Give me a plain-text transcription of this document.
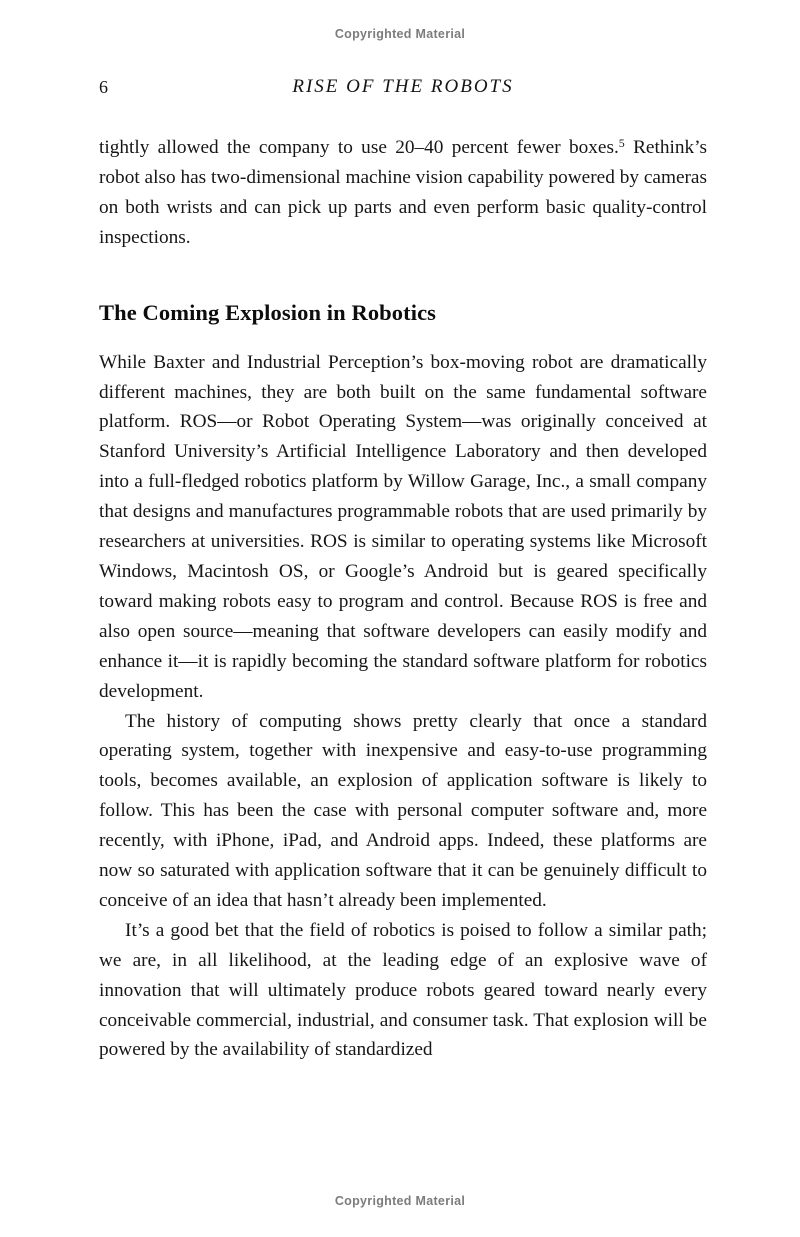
Copyrighted Material
6	RISE OF THE ROBOTS

tightly allowed the company to use 20–40 percent fewer boxes.$^5$ Rethink’s robot also has two-dimensional machine vision capability powered by cameras on both wrists and can pick up parts and even perform basic quality-control inspections.

The Coming Explosion in Robotics

While Baxter and Industrial Perception’s box-moving robot are dramatically different machines, they are both built on the same fundamental software platform. ROS—or Robot Operating System—was originally conceived at Stanford University’s Artificial Intelligence Laboratory and then developed into a full-fledged robotics platform by Willow Garage, Inc., a small company that designs and manufactures programmable robots that are used primarily by researchers at universities. ROS is similar to operating systems like Microsoft Windows, Macintosh OS, or Google’s Android but is geared specifically toward making robots easy to program and control. Because ROS is free and also open source—meaning that software developers can easily modify and enhance it—it is rapidly becoming the standard software platform for robotics development.

The history of computing shows pretty clearly that once a standard operating system, together with inexpensive and easy-to-use programming tools, becomes available, an explosion of application software is likely to follow. This has been the case with personal computer software and, more recently, with iPhone, iPad, and Android apps. Indeed, these platforms are now so saturated with application software that it can be genuinely difficult to conceive of an idea that hasn’t already been implemented.

It’s a good bet that the field of robotics is poised to follow a similar path; we are, in all likelihood, at the leading edge of an explosive wave of innovation that will ultimately produce robots geared toward nearly every conceivable commercial, industrial, and consumer task. That explosion will be powered by the availability of standardized

Copyrighted Material
